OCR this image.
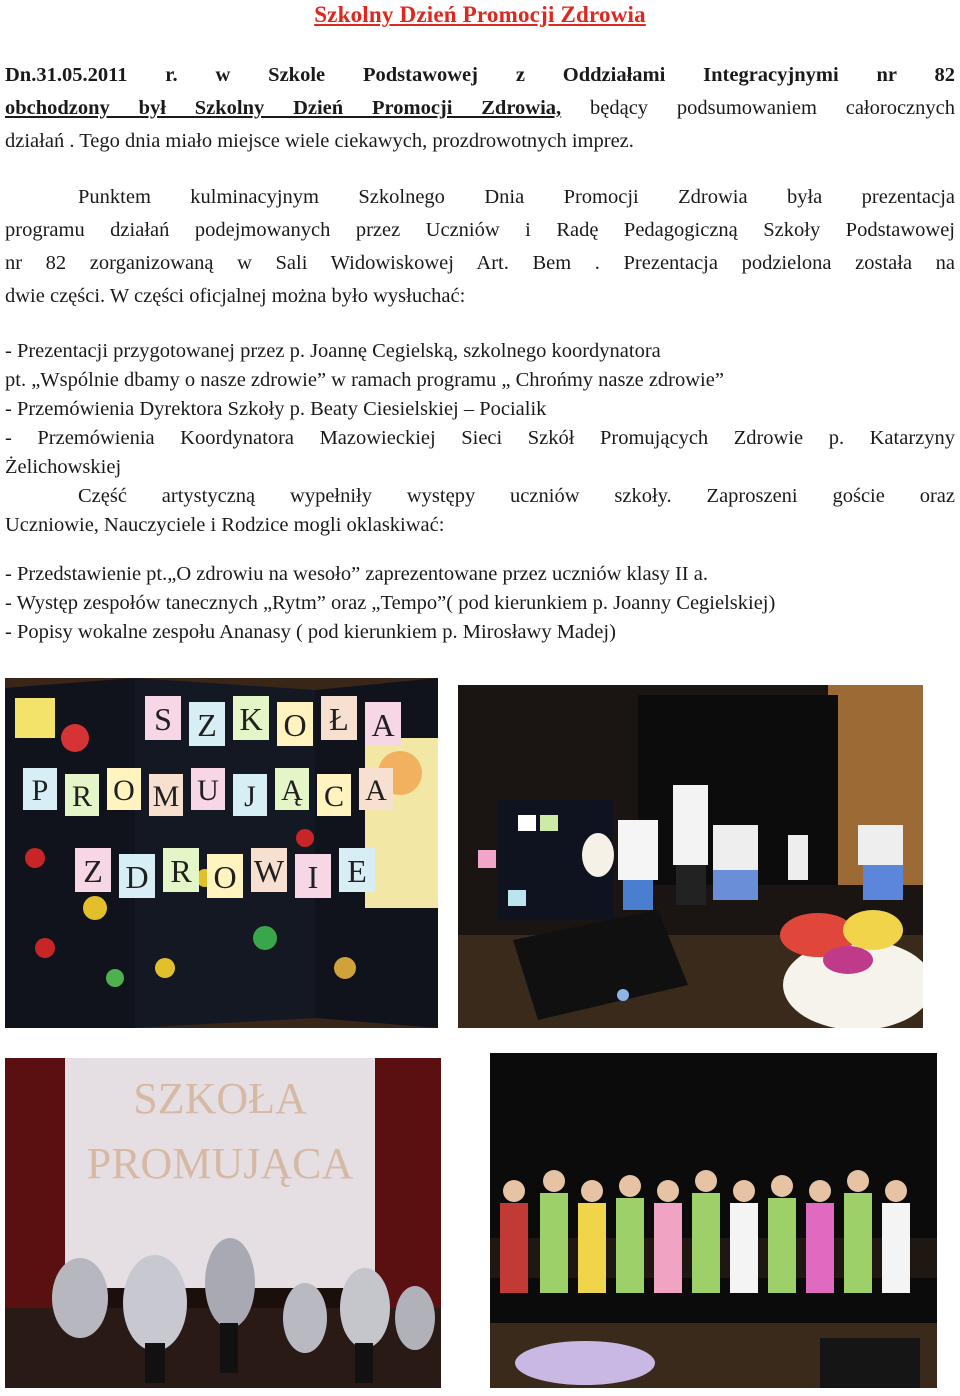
Szkolny Dzień Promocji Zdrowia
Dn.31.05.2011 r. w Szkole Podstawowej z Oddziałami Integracyjnymi nr 82
obchodzony był Szkolny Dzień Promocji Zdrowia, będący podsumowaniem całorocznych
działań . Tego dnia miało miejsce wiele ciekawych, prozdrowotnych imprez.
Punktem kulminacyjnym Szkolnego Dnia Promocji Zdrowia była prezentacja
programu działań podejmowanych przez Uczniów i Radę Pedagogiczną Szkoły Podstawowej
nr 82 zorganizowaną w Sali Widowiskowej Art. Bem . Prezentacja podzielona została na
dwie części. W części oficjalnej można było wysłuchać:
- Prezentacji przygotowanej przez p. Joannę Cegielską, szkolnego koordynatora
pt. „Wspólnie dbamy o nasze zdrowie” w ramach programu „ Chrońmy nasze zdrowie”
- Przemówienia Dyrektora Szkoły p. Beaty Ciesielskiej – Pocialik
- Przemówienia Koordynatora Mazowieckiej Sieci Szkół Promujących Zdrowie p. Katarzyny
Żelichowskiej
Część  artystyczną  wypełniły  występy  uczniów  szkoły.  Zaproszeni  goście  oraz
Uczniowie, Nauczyciele i Rodzice mogli oklaskiwać:
- Przedstawienie pt.„O zdrowiu na wesoło” zaprezentowane przez uczniów klasy II a.
- Występ zespołów tanecznych „Rytm” oraz „Tempo”( pod kierunkiem p. Joanny Cegielskiej)
- Popisy wokalne zespołu Ananasy ( pod kierunkiem p. Mirosławy Madej)
S Z K O Ł A
P R O M U J Ą C A
Z D R O W I E
SZKOŁA
PROMUJĄCA
